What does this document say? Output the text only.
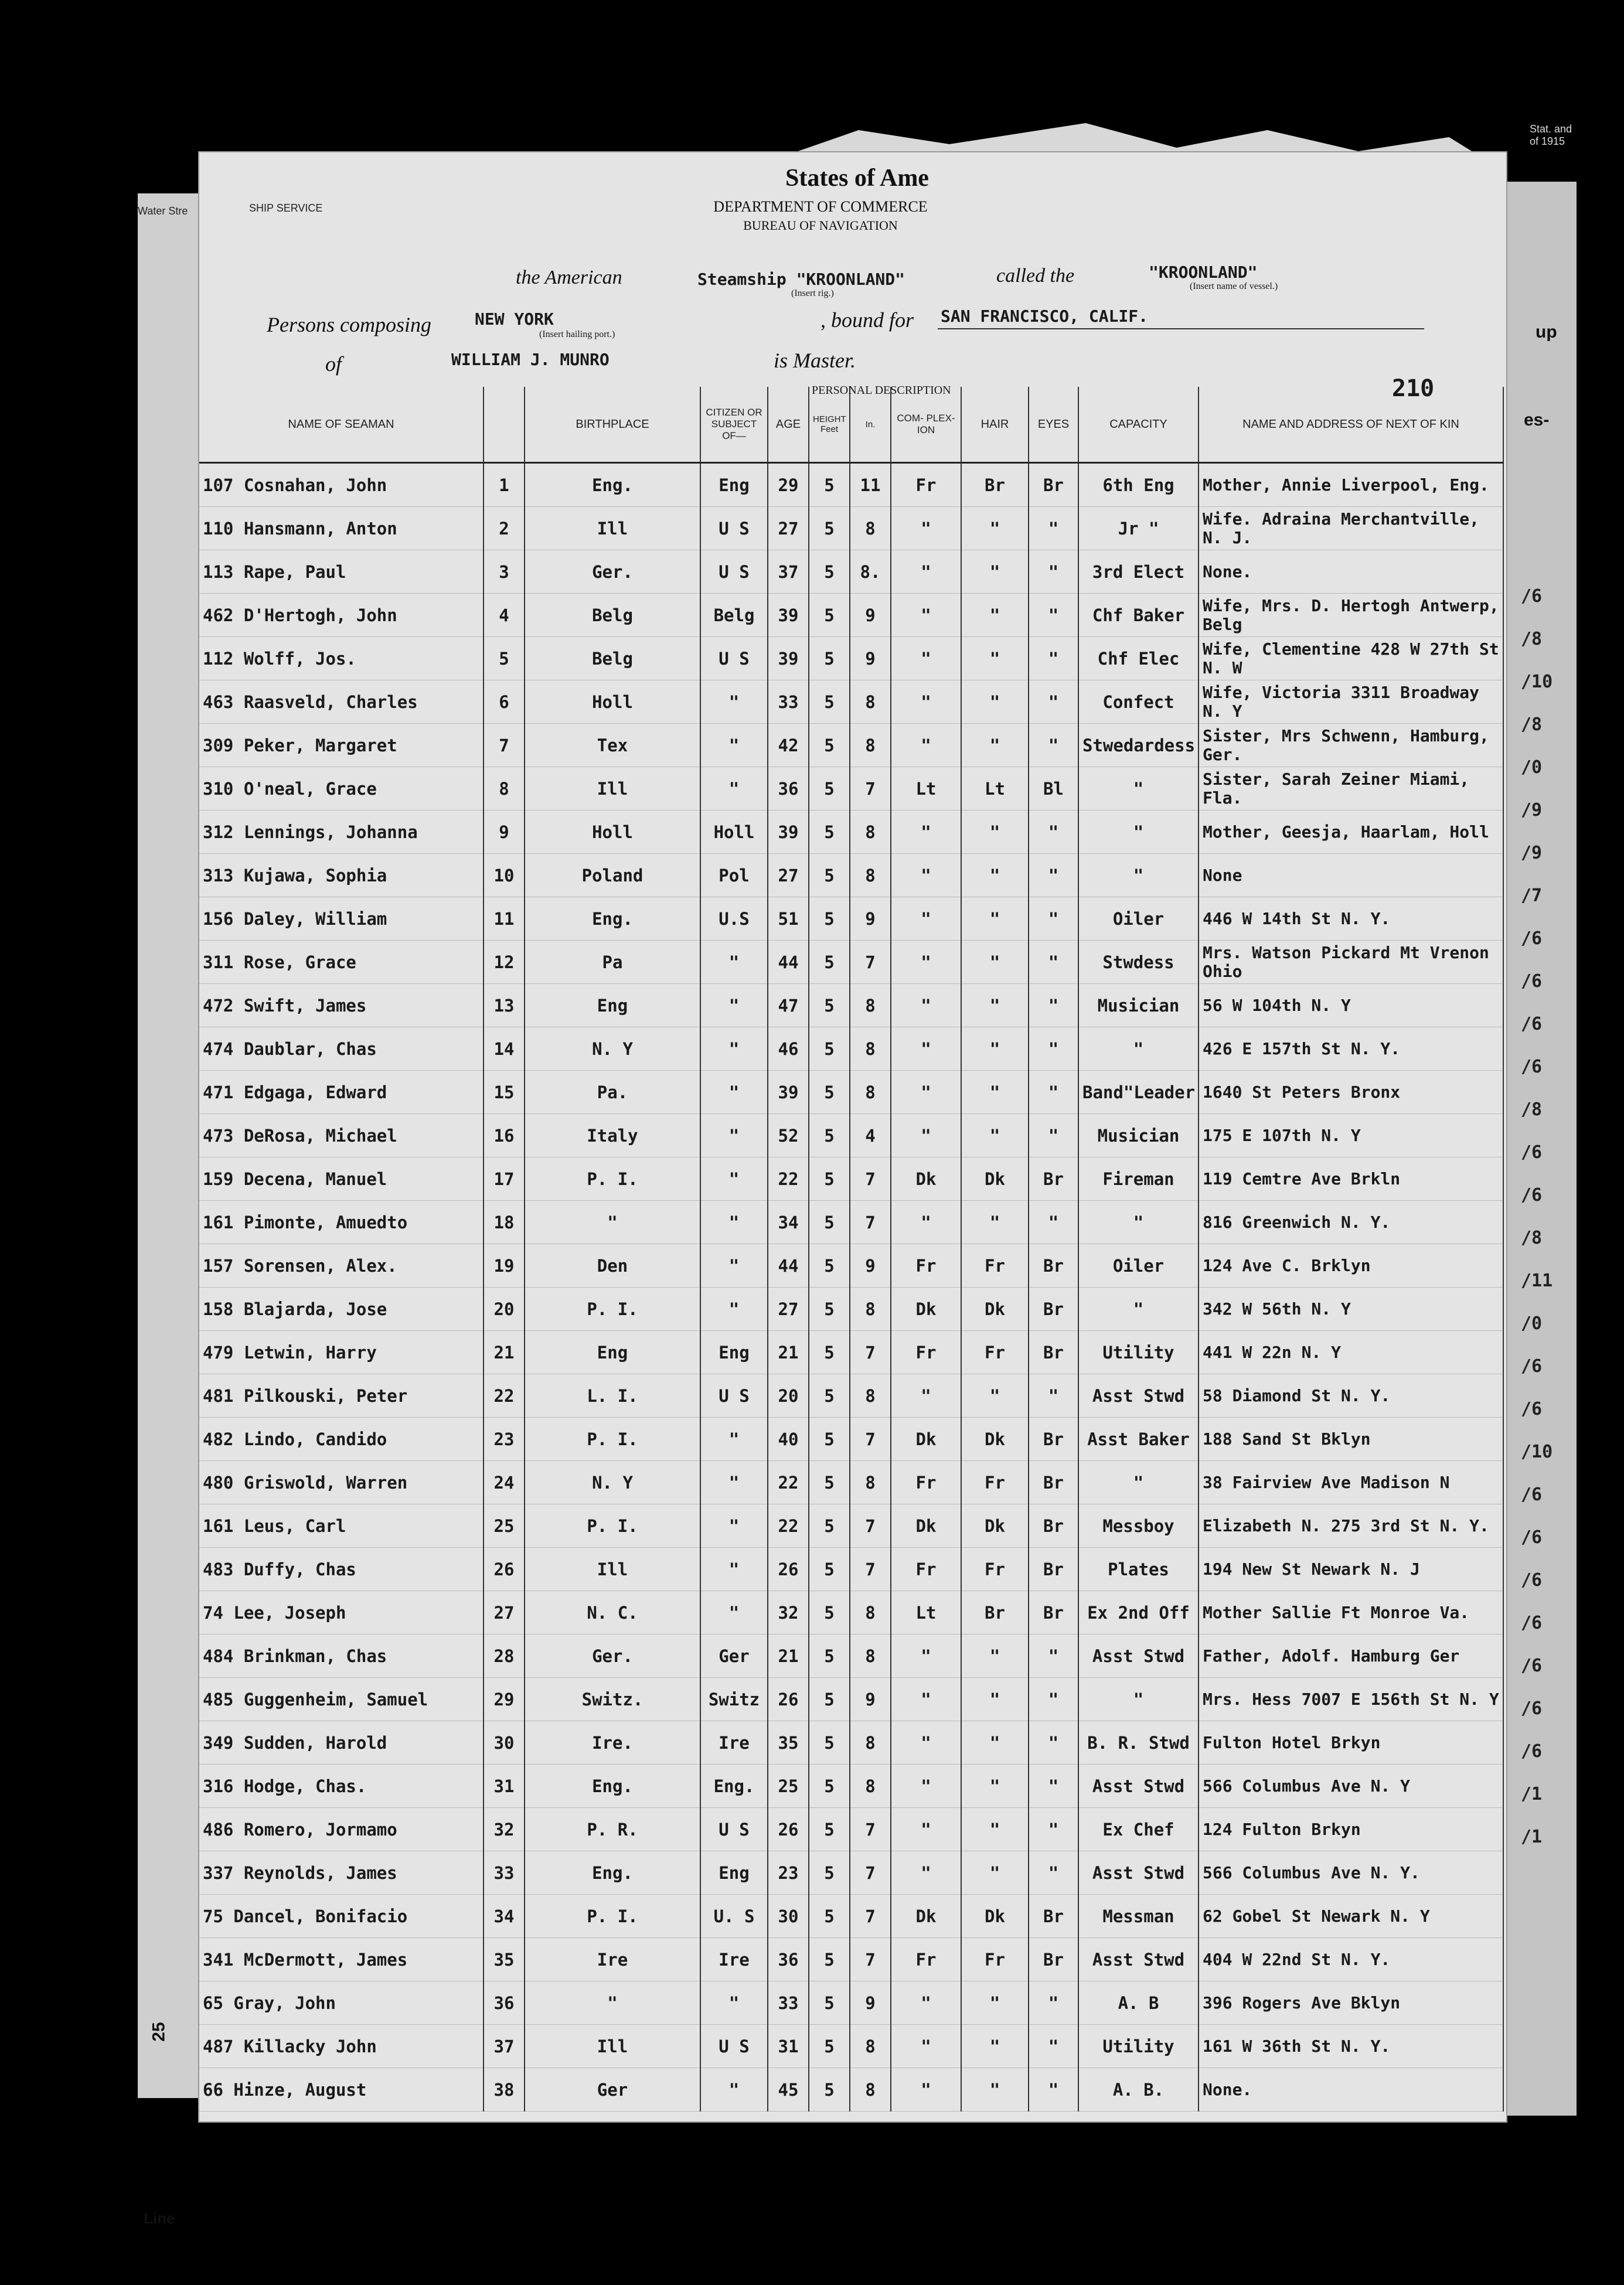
Water Stre
25
Line
Stat. and of 1915
up
es-
/6
/8
/10
/8
/0
/9
/9
/7
/6
/6
/6
/6
/8
/6
/6
/8
/11
/0
/6
/6
/10
/6
/6
/6
/6
/6
/6
/6
/1
/1
SHIP SERVICE
States of Ame
DEPARTMENT OF COMMERCE
BUREAU OF NAVIGATION
the American	Steamship "KROONLAND"
(Insert rig.)
called the	"KROONLAND"
(Insert name of vessel.)
Persons composing	NEW YORK
(Insert hailing port.)
, bound for SAN FRANCISCO, CALIF.
of	WILLIAM J. MUNRO	is Master.
210
NAME OF SEAMAN		BIRTHPLACE	CITIZEN OR SUBJECT OF—	AGE	HEIGHT
Feet	In.	COM- PLEX- ION	HAIR	EYES	CAPACITY	NAME AND ADDRESS OF NEXT OF KIN
107 Cosnahan, John	1	Eng.	Eng	29	5	11	Fr	Br	Br	6th Eng	Mother, Annie Liverpool, Eng.
110 Hansmann, Anton	2	Ill	U S	27	5	8	"	"	"	Jr "	Wife. Adraina Merchantville, N. J.
113 Rape, Paul	3	Ger.	U S	37	5	8.	"	"	"	3rd Elect	None.
462 D'Hertogh, John	4	Belg	Belg	39	5	9	"	"	"	Chf Baker	Wife, Mrs. D. Hertogh Antwerp, Belg
112 Wolff, Jos.	5	Belg	U S	39	5	9	"	"	"	Chf Elec	Wife, Clementine 428 W 27th St N. W
463 Raasveld, Charles	6	Holl	"	33	5	8	"	"	"	Confect	Wife, Victoria 3311 Broadway N. Y
309 Peker, Margaret	7	Tex	"	42	5	8	"	"	"	Stwedardess	Sister, Mrs Schwenn, Hamburg, Ger.
310 O'neal, Grace	8	Ill	"	36	5	7	Lt	Lt	Bl	"	Sister, Sarah Zeiner Miami, Fla.
312 Lennings, Johanna	9	Holl	Holl	39	5	8	"	"	"	"	Mother, Geesja, Haarlam, Holl
313 Kujawa, Sophia	10	Poland	Pol	27	5	8	"	"	"	"	None
156 Daley, William	11	Eng.	U.S	51	5	9	"	"	"	Oiler	446 W 14th St N. Y.
311 Rose, Grace	12	Pa	"	44	5	7	"	"	"	Stwdess	Mrs. Watson Pickard Mt Vrenon Ohio
472 Swift, James	13	Eng	"	47	5	8	"	"	"	Musician	56 W 104th N. Y
474 Daublar, Chas	14	N. Y	"	46	5	8	"	"	"	"	426 E 157th St N. Y.
471 Edgaga, Edward	15	Pa.	"	39	5	8	"	"	"	Band"Leader	1640 St Peters Bronx
473 DeRosa, Michael	16	Italy	"	52	5	4	"	"	"	Musician	175 E 107th N. Y
159 Decena, Manuel	17	P. I.	"	22	5	7	Dk	Dk	Br	Fireman	119 Cemtre Ave Brkln
161 Pimonte, Amuedto	18	"	"	34	5	7	"	"	"	"	816 Greenwich N. Y.
157 Sorensen, Alex.	19	Den	"	44	5	9	Fr	Fr	Br	Oiler	124 Ave C. Brklyn
158 Blajarda, Jose	20	P. I.	"	27	5	8	Dk	Dk	Br	"	342 W 56th N. Y
479 Letwin, Harry	21	Eng	Eng	21	5	7	Fr	Fr	Br	Utility	441 W 22n N. Y
481 Pilkouski, Peter	22	L. I.	U S	20	5	8	"	"	"	Asst Stwd	58 Diamond St N. Y.
482 Lindo, Candido	23	P. I.	"	40	5	7	Dk	Dk	Br	Asst Baker	188 Sand St Bklyn
480 Griswold, Warren	24	N. Y	"	22	5	8	Fr	Fr	Br	"	38 Fairview Ave Madison N
161 Leus, Carl	25	P. I.	"	22	5	7	Dk	Dk	Br	Messboy	Elizabeth N. 275 3rd St N. Y.
483 Duffy, Chas	26	Ill	"	26	5	7	Fr	Fr	Br	Plates	194 New St Newark N. J
74 Lee, Joseph	27	N. C.	"	32	5	8	Lt	Br	Br	Ex 2nd Off	Mother Sallie Ft Monroe Va.
484 Brinkman, Chas	28	Ger.	Ger	21	5	8	"	"	"	Asst Stwd	Father, Adolf. Hamburg Ger
485 Guggenheim, Samuel	29	Switz.	Switz	26	5	9	"	"	"	"	Mrs. Hess 7007 E 156th St N. Y
349 Sudden, Harold	30	Ire.	Ire	35	5	8	"	"	"	B. R. Stwd	Fulton Hotel Brkyn
316 Hodge, Chas.	31	Eng.	Eng.	25	5	8	"	"	"	Asst Stwd	566 Columbus Ave N. Y
486 Romero, Jormamo	32	P. R.	U S	26	5	7	"	"	"	Ex Chef	124 Fulton Brkyn
337 Reynolds, James	33	Eng.	Eng	23	5	7	"	"	"	Asst Stwd	566 Columbus Ave N. Y.
75 Dancel, Bonifacio	34	P. I.	U. S	30	5	7	Dk	Dk	Br	Messman	62 Gobel St Newark N. Y
341 McDermott, James	35	Ire	Ire	36	5	7	Fr	Fr	Br	Asst Stwd	404 W 22nd St N. Y.
65 Gray, John	36	"	"	33	5	9	"	"	"	A. B	396 Rogers Ave Bklyn
487 Killacky John	37	Ill	U S	31	5	8	"	"	"	Utility	161 W 36th St N. Y.
66 Hinze, August	38	Ger	"	45	5	8	"	"	"	A. B.	None.
PERSONAL DESCRIPTION
